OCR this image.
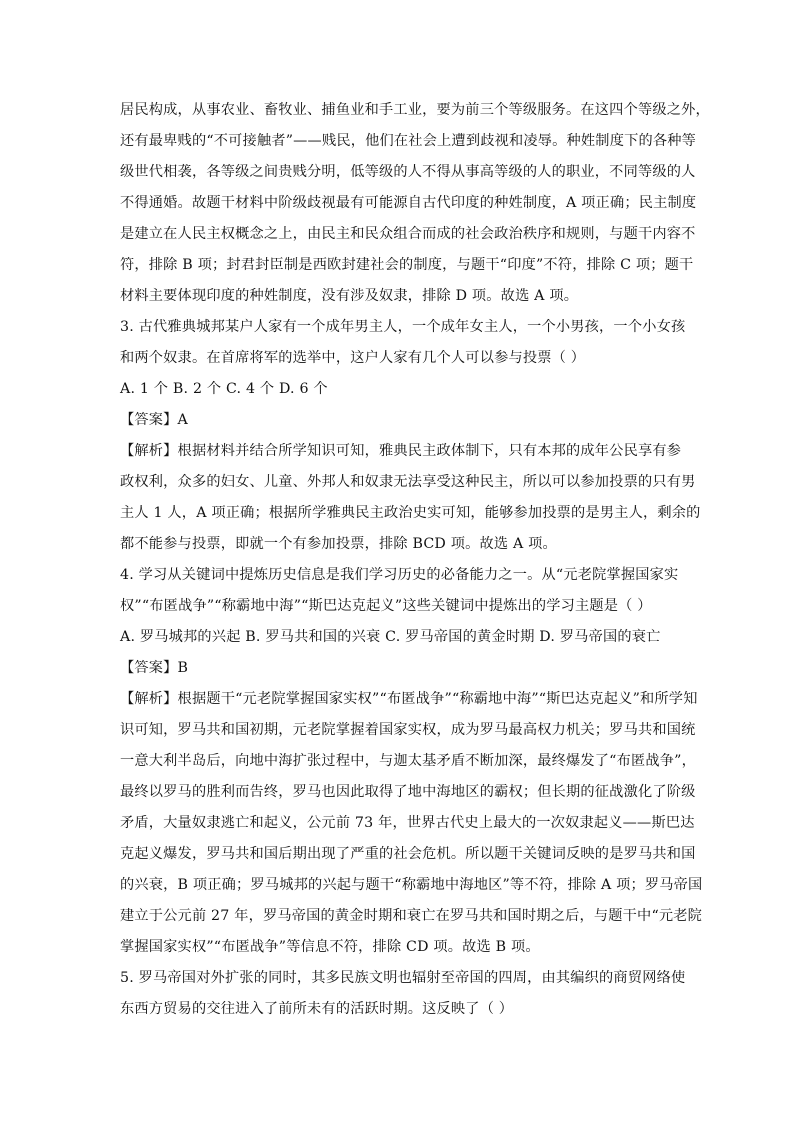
居民构成，从事农业、畜牧业、捕鱼业和手工业，要为前三个等级服务。在这四个等级之外，
还有最卑贱的“不可接触者”——贱民，他们在社会上遭到歧视和凌辱。种姓制度下的各种等
级世代相袭，各等级之间贵贱分明，低等级的人不得从事高等级的人的职业，不同等级的人
不得通婚。故题干材料中阶级歧视最有可能源自古代印度的种姓制度，A 项正确；民主制度
是建立在人民主权概念之上，由民主和民众组合而成的社会政治秩序和规则，与题干内容不
符，排除 B 项；封君封臣制是西欧封建社会的制度，与题干“印度”不符，排除 C 项；题干
材料主要体现印度的种姓制度，没有涉及奴隶，排除 D 项。故选 A 项。
3. 古代雅典城邦某户人家有一个成年男主人，一个成年女主人，一个小男孩，一个小女孩
和两个奴隶。在首席将军的选举中，这户人家有几个人可以参与投票（ ）
A. 1 个 B. 2 个 C. 4 个 D. 6 个
【答案】A
【解析】根据材料并结合所学知识可知，雅典民主政体制下，只有本邦的成年公民享有参
政权利，众多的妇女、儿童、外邦人和奴隶无法享受这种民主，所以可以参加投票的只有男
主人 1 人，A 项正确；根据所学雅典民主政治史实可知，能够参加投票的是男主人，剩余的
都不能参与投票，即就一个有参加投票，排除 BCD 项。故选 A 项。
4. 学习从关键词中提炼历史信息是我们学习历史的必备能力之一。从“元老院掌握国家实
权”“布匿战争”“称霸地中海”“斯巴达克起义”这些关键词中提炼出的学习主题是（ ）
A. 罗马城邦的兴起 B. 罗马共和国的兴衰 C. 罗马帝国的黄金时期 D. 罗马帝国的衰亡
【答案】B
【解析】根据题干“元老院掌握国家实权”“布匿战争”“称霸地中海”“斯巴达克起义”和所学知
识可知，罗马共和国初期，元老院掌握着国家实权，成为罗马最高权力机关；罗马共和国统
一意大利半岛后，向地中海扩张过程中，与迦太基矛盾不断加深，最终爆发了“布匿战争”，
最终以罗马的胜利而告终，罗马也因此取得了地中海地区的霸权；但长期的征战激化了阶级
矛盾，大量奴隶逃亡和起义，公元前 73 年，世界古代史上最大的一次奴隶起义——斯巴达
克起义爆发，罗马共和国后期出现了严重的社会危机。所以题干关键词反映的是罗马共和国
的兴衰，B 项正确；罗马城邦的兴起与题干“称霸地中海地区”等不符，排除 A 项；罗马帝国
建立于公元前 27 年，罗马帝国的黄金时期和衰亡在罗马共和国时期之后，与题干中“元老院
掌握国家实权”“布匿战争”等信息不符，排除 CD 项。故选 B 项。
5. 罗马帝国对外扩张的同时，其多民族文明也辐射至帝国的四周，由其编织的商贸网络使
东西方贸易的交往进入了前所未有的活跃时期。这反映了（ ）
